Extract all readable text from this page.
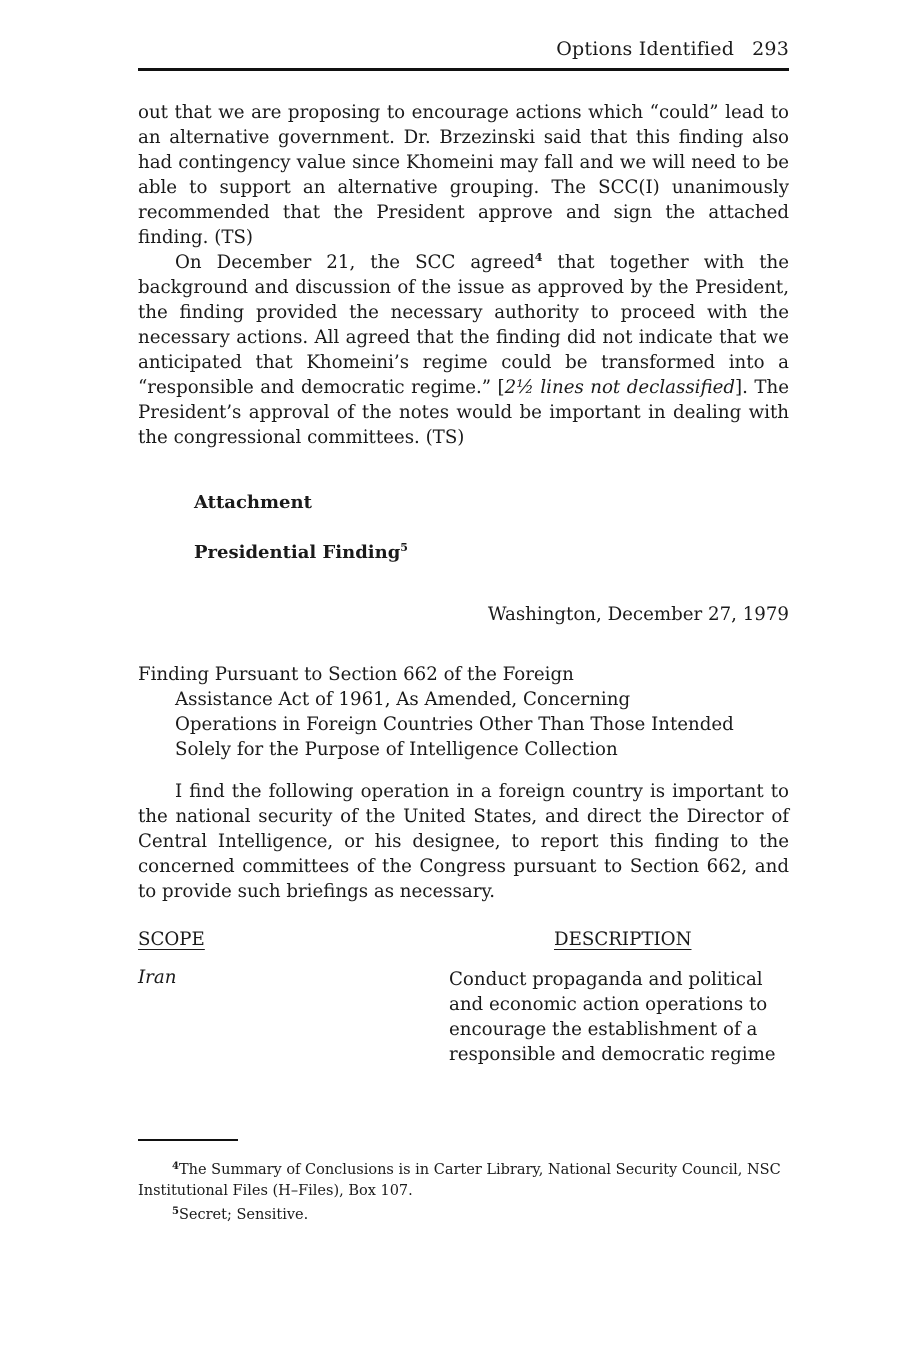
Options Identified 293

out that we are proposing to encourage actions which “could” lead to an alternative government. Dr. Brzezinski said that this finding also had contingency value since Khomeini may fall and we will need to be able to support an alternative grouping. The SCC(I) unanimously recommended that the President approve and sign the attached finding. (TS)

On December 21, the SCC agreed$^4$ that together with the background and discussion of the issue as approved by the President, the finding provided the necessary authority to proceed with the necessary actions. All agreed that the finding did not indicate that we anticipated that Khomeini’s regime could be transformed into a “responsible and democratic regime.” [2½ lines not declassified]. The President’s approval of the notes would be important in dealing with the congressional committees. (TS)

Attachment
Presidential Finding$^5$
Washington, December 27, 1979
Finding Pursuant to Section 662 of the Foreign
Assistance Act of 1961, As Amended, Concerning
Operations in Foreign Countries Other Than Those Intended
Solely for the Purpose of Intelligence Collection
I find the following operation in a foreign country is important to the national security of the United States, and direct the Director of Central Intelligence, or his designee, to report this finding to the concerned committees of the Congress pursuant to Section 662, and to provide such briefings as necessary.
SCOPE	DESCRIPTION
Iran	Conduct propaganda and political and economic action operations to encourage the establishment of a responsible and democratic regime

$^4$The Summary of Conclusions is in Carter Library, National Security Council, NSC Institutional Files (H–Files), Box 107.

$^5$Secret; Sensitive.
